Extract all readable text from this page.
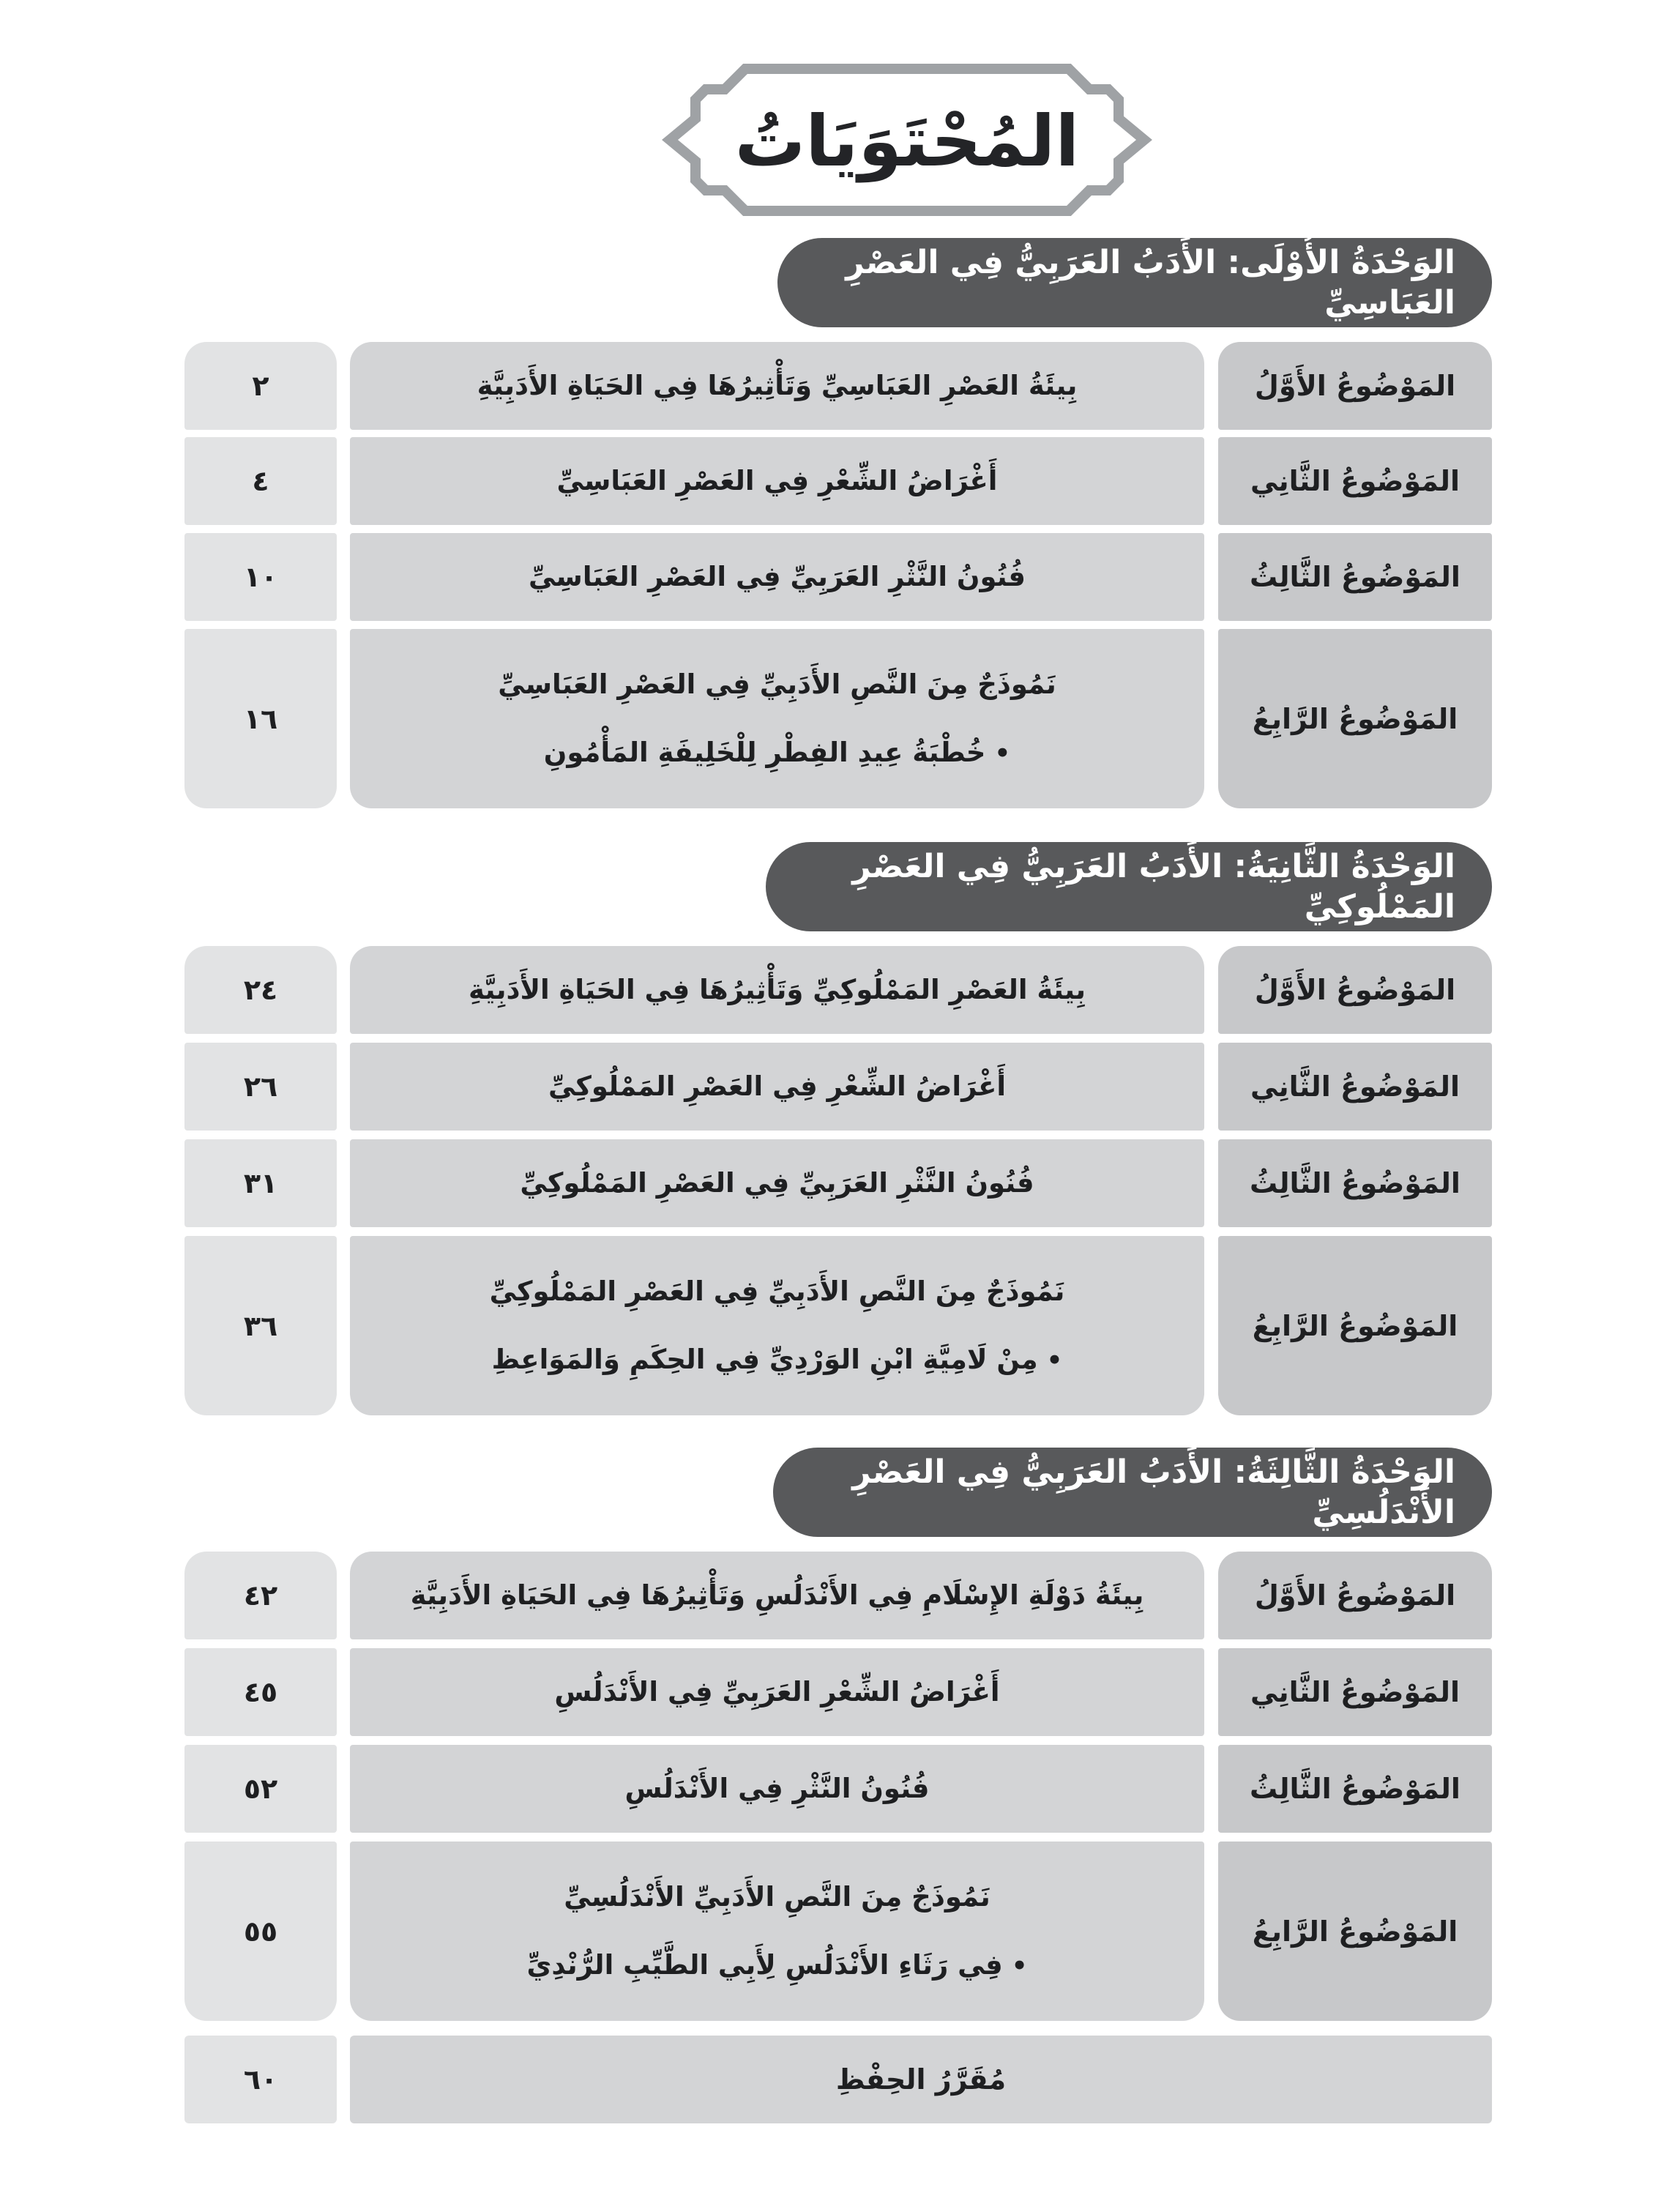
المُحْتَوَيَاتُ
الوَحْدَةُ الأُوْلَى: الأَدَبُ العَرَبِيُّ فِي العَصْرِ العَبَاسِيِّ
المَوْضُوعُ الأَوَّلُ
بِيئَةُ العَصْرِ العَبَاسِيِّ وَتَأْثِيرُهَا فِي الحَيَاةِ الأَدَبِيَّةِ
٢
المَوْضُوعُ الثَّانِي
أَغْرَاضُ الشِّعْرِ فِي العَصْرِ العَبَاسِيِّ
٤
المَوْضُوعُ الثَّالِثُ
فُنُونُ النَّثْرِ العَرَبِيِّ فِي العَصْرِ العَبَاسِيِّ
١٠
المَوْضُوعُ الرَّابِعُ
نَمُوذَجٌ مِنَ النَّصِ الأَدَبِيِّ فِي العَصْرِ العَبَاسِيِّ
•خُطْبَةُ عِيدِ الفِطْرِ لِلْخَلِيفَةِ المَأْمُونِ
١٦
الوَحْدَةُ الثَّانِيَةُ: الأَدَبُ العَرَبِيُّ فِي العَصْرِ المَمْلُوكِيِّ
المَوْضُوعُ الأَوَّلُ
بِيئَةُ العَصْرِ المَمْلُوكِيِّ وَتَأْثِيرُهَا فِي الحَيَاةِ الأَدَبِيَّةِ
٢٤
المَوْضُوعُ الثَّانِي
أَغْرَاضُ الشِّعْرِ فِي العَصْرِ المَمْلُوكِيِّ
٢٦
المَوْضُوعُ الثَّالِثُ
فُنُونُ النَّثْرِ العَرَبِيِّ فِي العَصْرِ المَمْلُوكِيِّ
٣١
المَوْضُوعُ الرَّابِعُ
نَمُوذَجٌ مِنَ النَّصِ الأَدَبِيِّ فِي العَصْرِ المَمْلُوكِيِّ
•مِنْ لَامِيَّةِ ابْنِ الوَرْدِيِّ فِي الحِكَمِ وَالمَوَاعِظِ
٣٦
الوَحْدَةُ الثَّالِثَةُ: الأَدَبُ العَرَبِيُّ فِي العَصْرِ الأَنْدَلُسِيِّ
المَوْضُوعُ الأَوَّلُ
بِيئَةُ دَوْلَةِ الإِسْلَامِ فِي الأَنْدَلُسِ وَتَأْثِيرُهَا فِي الحَيَاةِ الأَدَبِيَّةِ
٤٢
المَوْضُوعُ الثَّانِي
أَغْرَاضُ الشِّعْرِ العَرَبِيِّ فِي الأَنْدَلُسِ
٤٥
المَوْضُوعُ الثَّالِثُ
فُنُونُ النَّثْرِ فِي الأَنْدَلُسِ
٥٢
المَوْضُوعُ الرَّابِعُ
نَمُوذَجٌ مِنَ النَّصِ الأَدَبِيِّ الأَنْدَلُسِيِّ
•فِي رَثَاءِ الأَنْدَلُسِ لِأَبِي الطَّيِّبِ الرُّنْدِيِّ
٥٥
مُقَرَّرُ الحِفْظِ
٦٠
